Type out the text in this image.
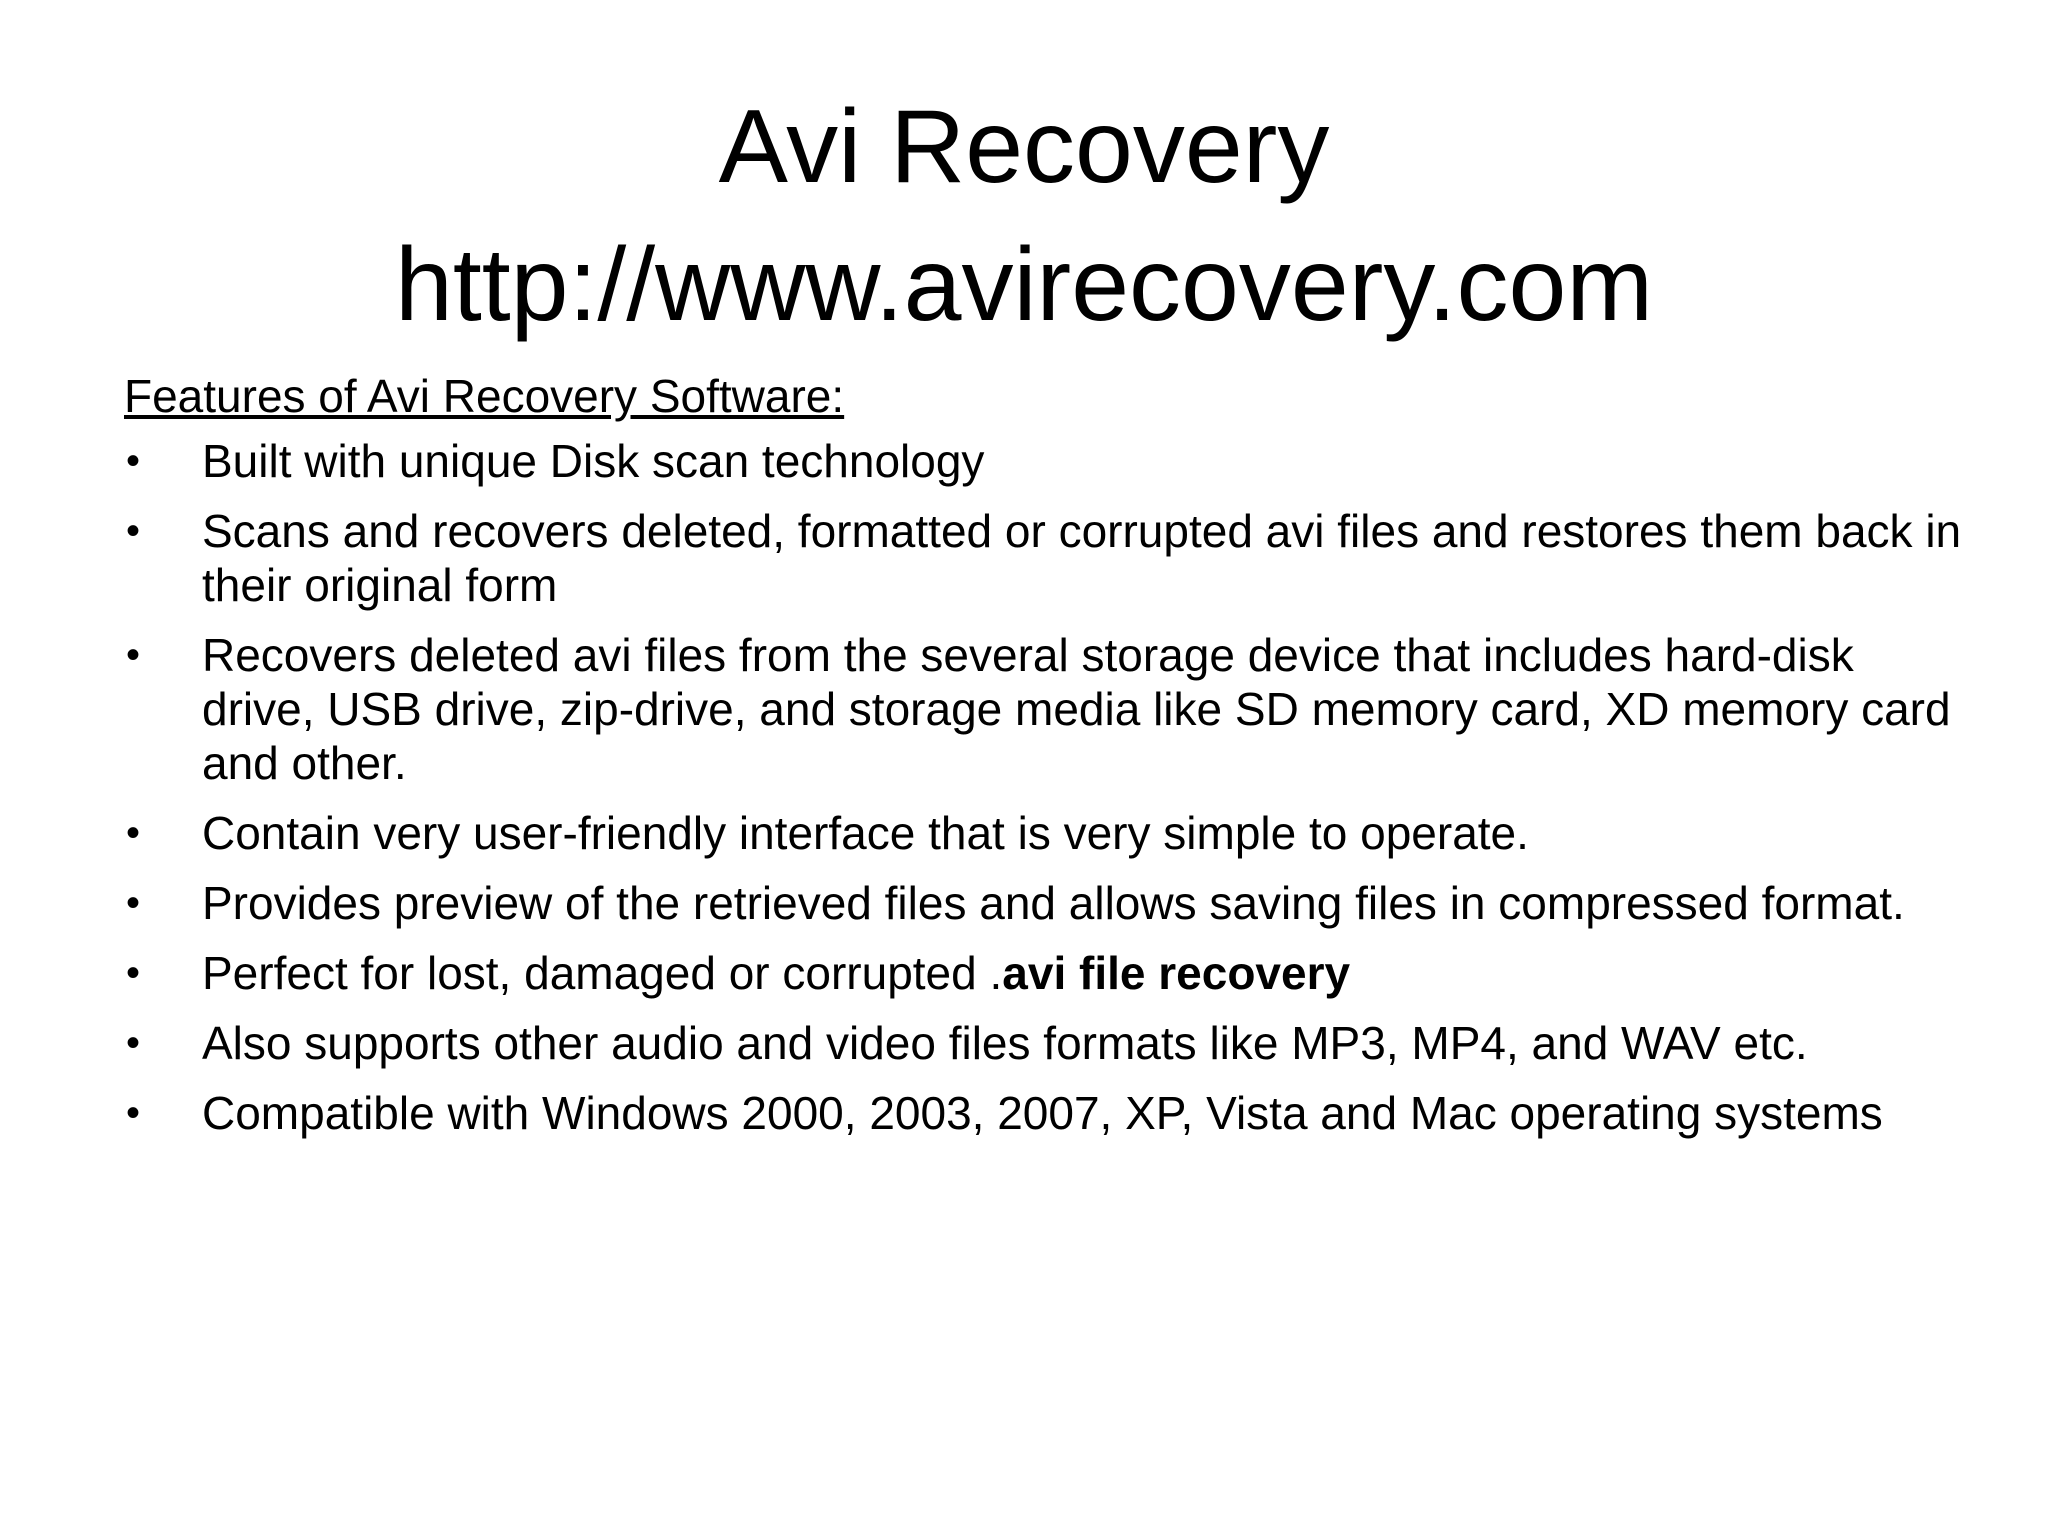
Avi Recovery
http://www.avirecovery.com
Features of Avi Recovery Software:
• Built with unique Disk scan technology
• Scans and recovers deleted, formatted or corrupted avi files and restores them back in their original form
• Recovers deleted avi files from the several storage device that includes hard-disk drive, USB drive, zip-drive, and storage media like SD memory card, XD memory card and other.
• Contain very user-friendly interface that is very simple to operate.
• Provides preview of the retrieved files and allows saving files in compressed format.
• Perfect for lost, damaged or corrupted .avi file recovery
• Also supports other audio and video files formats like MP3, MP4, and WAV etc.
• Compatible with Windows 2000, 2003, 2007, XP, Vista and Mac operating systems
